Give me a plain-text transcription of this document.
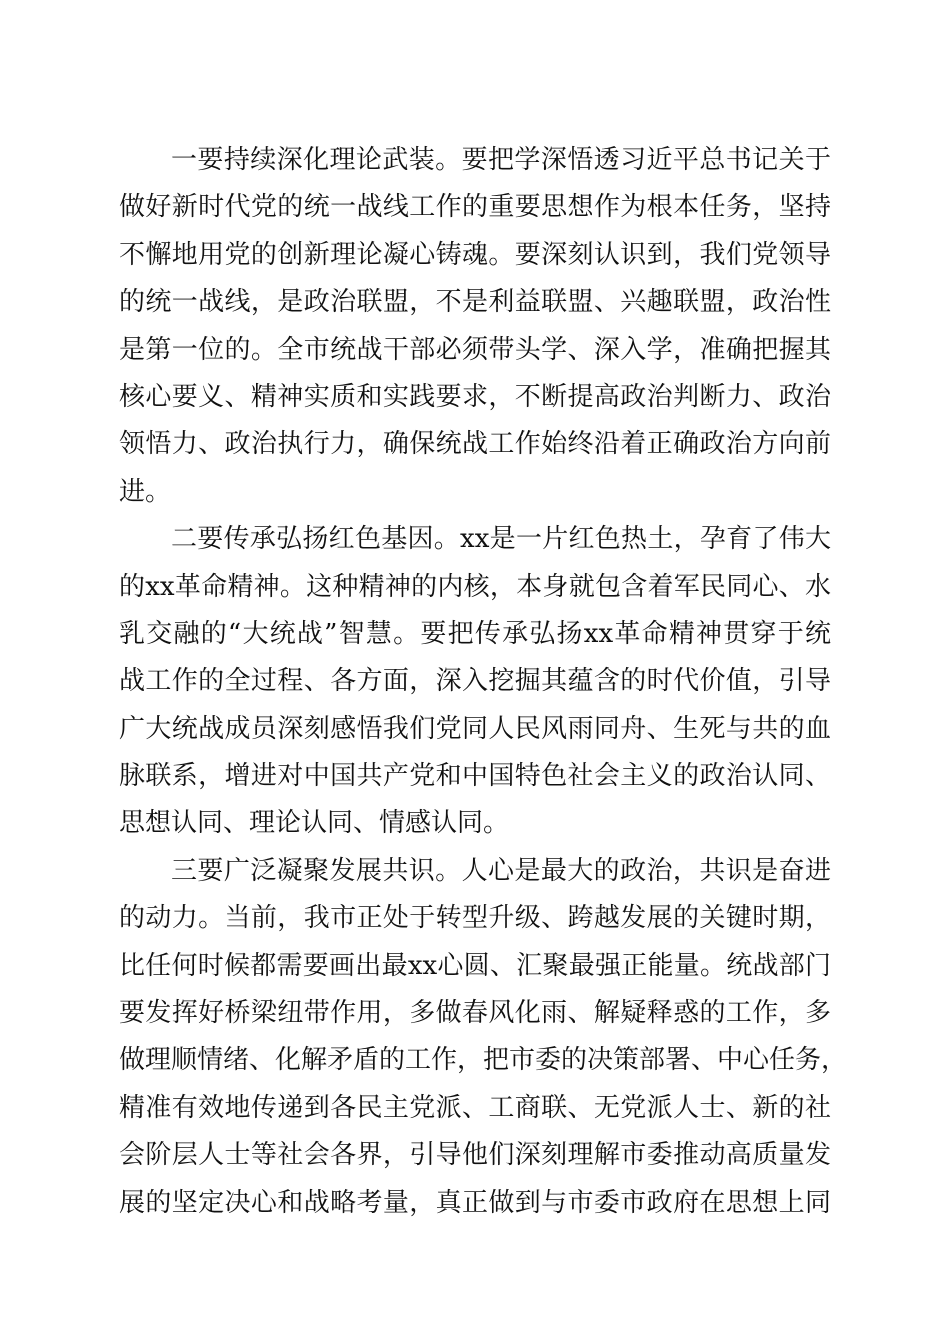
一要持续深化理论武装。要把学深悟透习近平总书记关于
做好新时代党的统一战线工作的重要思想作为根本任务，坚持
不懈地用党的创新理论凝心铸魂。要深刻认识到，我们党领导
的统一战线，是政治联盟，不是利益联盟、兴趣联盟，政治性
是第一位的。全市统战干部必须带头学、深入学，准确把握其
核心要义、精神实质和实践要求，不断提高政治判断力、政治
领悟力、政治执行力，确保统战工作始终沿着正确政治方向前
进。
二要传承弘扬红色基因。xx是一片红色热土，孕育了伟大
的xx革命精神。这种精神的内核，本身就包含着军民同心、水
乳交融的“大统战”智慧。要把传承弘扬xx革命精神贯穿于统
战工作的全过程、各方面，深入挖掘其蕴含的时代价值，引导
广大统战成员深刻感悟我们党同人民风雨同舟、生死与共的血
脉联系，增进对中国共产党和中国特色社会主义的政治认同、
思想认同、理论认同、情感认同。
三要广泛凝聚发展共识。人心是最大的政治，共识是奋进
的动力。当前，我市正处于转型升级、跨越发展的关键时期，
比任何时候都需要画出最xx心圆、汇聚最强正能量。统战部门
要发挥好桥梁纽带作用，多做春风化雨、解疑释惑的工作，多
做理顺情绪、化解矛盾的工作，把市委的决策部署、中心任务，
精准有效地传递到各民主党派、工商联、无党派人士、新的社
会阶层人士等社会各界，引导他们深刻理解市委推动高质量发
展的坚定决心和战略考量，真正做到与市委市政府在思想上同
